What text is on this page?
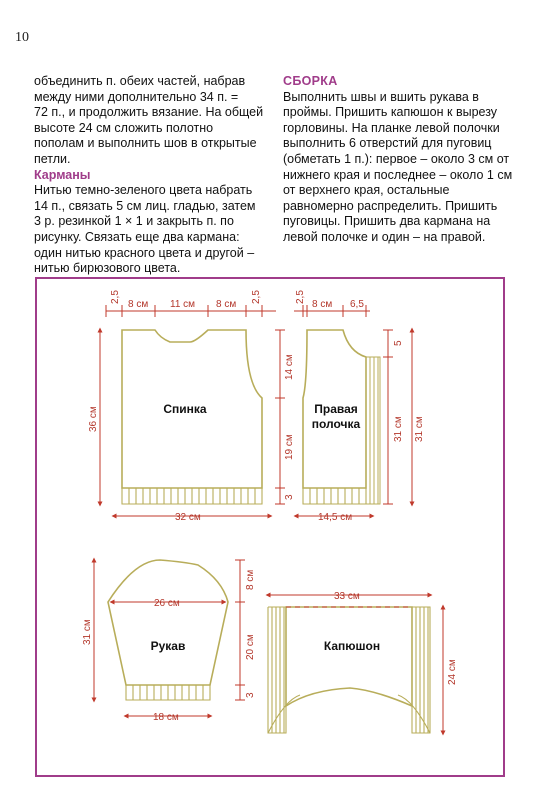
10

объединить п. обеих частей, набрав

между ними дополнительно 34 п. =

72 п., и продолжить вязание. На общей

высоте 24 см сложить полотно

пополам и выполнить шов в открытые

петли.

Карманы

Нитью темно-зеленого цвета набрать

14 п., связать 5 см лиц. гладью, затем

3 р. резинкой 1 × 1 и закрыть п. по

рисунку. Связать еще два кармана:

один нитью красного цвета и другой –

нитью бирюзового цвета.

СБОРКА

Выполнить швы и вшить рукава в

проймы. Пришить капюшон к вырезу

горловины. На планке левой полочки

выполнить 6 отверстий для пуговиц

(обметать 1 п.): первое – около 3 см от

нижнего края и последнее – около 1 см

от верхнего края, остальные

равномерно распределить. Пришить

пуговицы. Пришить два кармана на

левой полочке и один – на правой.

2,5
8 см 11 см 8 см
2,5
36 см
32 см
14 см
19 см
3
2,5
8 см 6,5
5
31 см 31 см
14,5 см
26 см
31 см
8 см
20 см
3
18 см
33 см
24 см
Спинка	Правая
полочка
Рукав	Капюшон
